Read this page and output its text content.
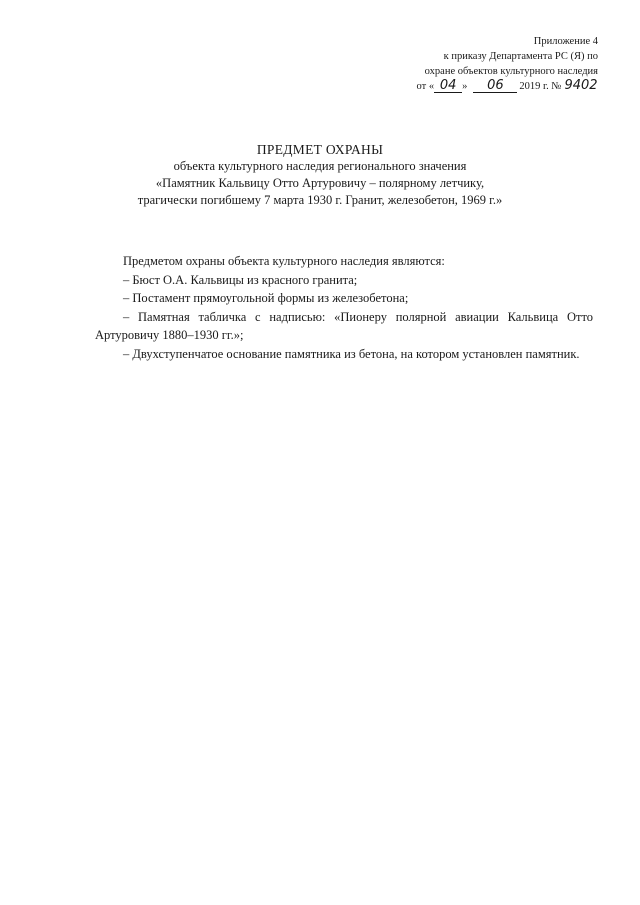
Приложение 4
к приказу Департамента РС (Я) по
охране объектов культурного наследия
от « 04 » 06 2019 г. № 9402
ПРЕДМЕТ ОХРАНЫ
объекта культурного наследия регионального значения
«Памятник Кальвицу Отто Артуровичу – полярному летчику,
трагически погибшему 7 марта 1930 г. Гранит, железобетон, 1969 г.»

Предметом охраны объекта культурного наследия являются:

– Бюст О.А. Кальвицы из красного гранита;

– Постамент прямоугольной формы из железобетона;

– Памятная табличка с надписью: «Пионеру полярной авиации Кальвица Отто Артуровичу 1880–1930 гг.»;

– Двухступенчатое основание памятника из бетона, на котором установлен памятник.
